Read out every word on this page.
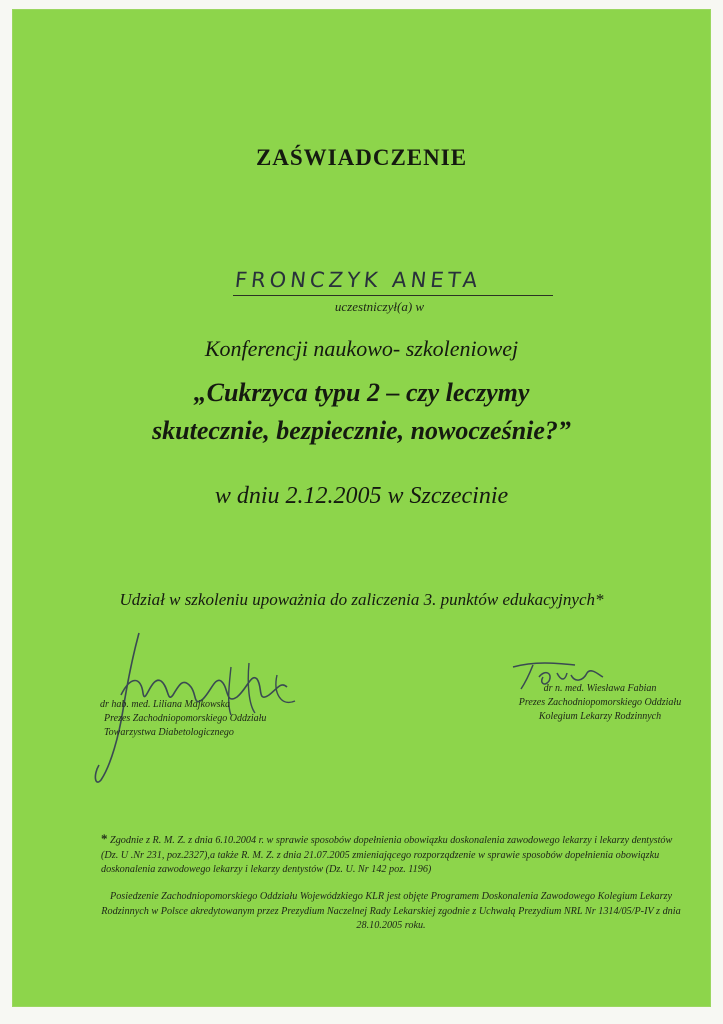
ZAŚWIADCZENIE
FRONCZYK ANETA
uczestniczył(a) w
Konferencji naukowo- szkoleniowej
„Cukrzyca typu 2 – czy leczymy
skutecznie, bezpiecznie, nowocześnie?”
w dniu 2.12.2005 w Szczecinie
Udział w szkoleniu upoważnia do zaliczenia 3. punktów edukacyjnych*
dr hab. med. Liliana Majkowska
Prezes Zachodniopomorskiego Oddziału
Towarzystwa Diabetologicznego
dr n. med. Wiesława Fabian
Prezes Zachodniopomorskiego Oddziału
Kolegium Lekarzy Rodzinnych
* Zgodnie z R. M. Z. z dnia 6.10.2004 r. w sprawie sposobów dopełnienia obowiązku doskonalenia zawodowego lekarzy i lekarzy dentystów (Dz. U .Nr 231, poz.2327),a także R. M. Z. z dnia 21.07.2005 zmieniającego rozporządzenie w sprawie sposobów dopełnienia obowiązku doskonalenia zawodowego lekarzy i lekarzy dentystów (Dz. U. Nr 142 poz. 1196)
Posiedzenie Zachodniopomorskiego Oddziału Wojewódzkiego KLR jest objęte Programem Doskonalenia Zawodowego Kolegium Lekarzy Rodzinnych w Polsce akredytowanym przez Prezydium Naczelnej Rady Lekarskiej zgodnie z Uchwałą Prezydium NRL Nr 1314/05/P-IV z dnia 28.10.2005 roku.
